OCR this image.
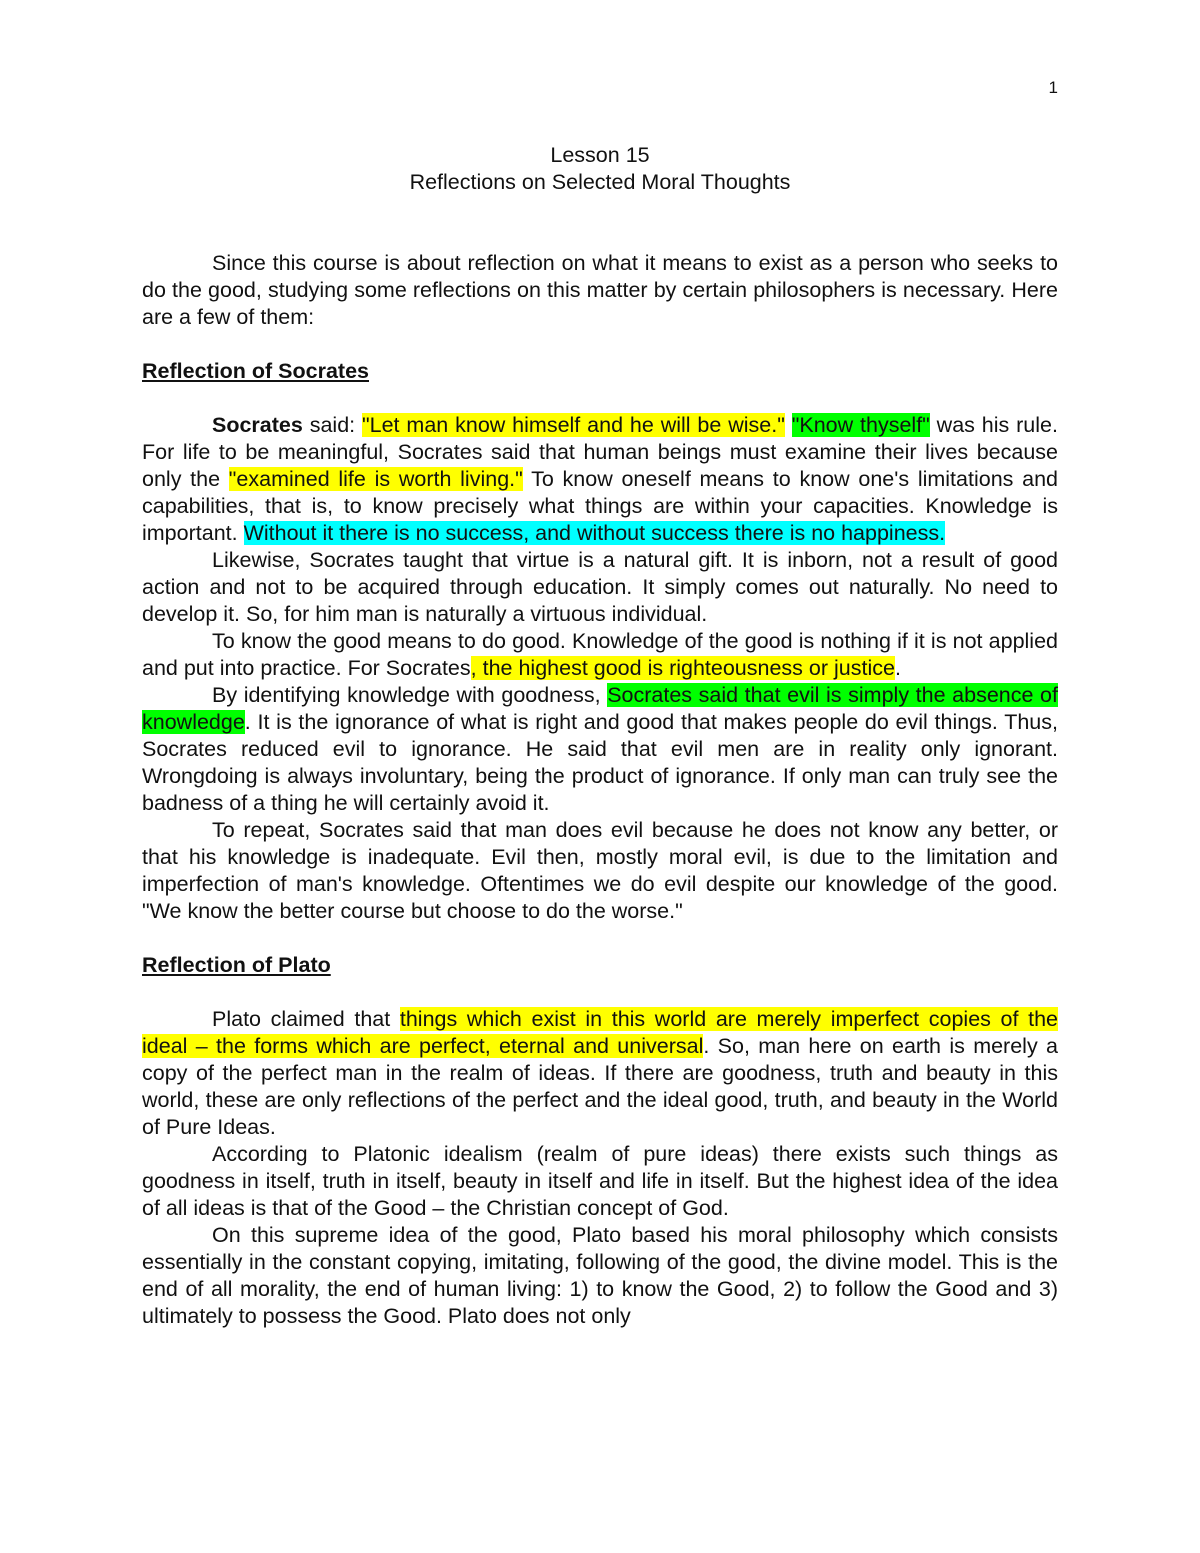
1
Lesson 15
Reflections on Selected Moral Thoughts

Since this course is about reflection on what it means to exist as a person who seeks to do the good, studying some reflections on this matter by certain philosophers is necessary. Here are a few of them:

Reflection of Socrates

Socrates said: "Let man know himself and he will be wise." "Know thyself" was his rule. For life to be meaningful, Socrates said that human beings must examine their lives because only the "examined life is worth living." To know oneself means to know one's limitations and capabilities, that is, to know precisely what things are within your capacities. Knowledge is important. Without it there is no success, and without success there is no happiness.

Likewise, Socrates taught that virtue is a natural gift. It is inborn, not a result of good action and not to be acquired through education. It simply comes out naturally. No need to develop it. So, for him man is naturally a virtuous individual.

To know the good means to do good. Knowledge of the good is nothing if it is not applied and put into practice. For Socrates, the highest good is righteousness or justice.

By identifying knowledge with goodness, Socrates said that evil is simply the absence of knowledge. It is the ignorance of what is right and good that makes people do evil things. Thus, Socrates reduced evil to ignorance. He said that evil men are in reality only ignorant. Wrongdoing is always involuntary, being the product of ignorance. If only man can truly see the badness of a thing he will certainly avoid it.

To repeat, Socrates said that man does evil because he does not know any better, or that his knowledge is inadequate. Evil then, mostly moral evil, is due to the limitation and imperfection of man's knowledge. Oftentimes we do evil despite our knowledge of the good. "We know the better course but choose to do the worse."

Reflection of Plato

Plato claimed that things which exist in this world are merely imperfect copies of the ideal – the forms which are perfect, eternal and universal. So, man here on earth is merely a copy of the perfect man in the realm of ideas. If there are goodness, truth and beauty in this world, these are only reflections of the perfect and the ideal good, truth, and beauty in the World of Pure Ideas.

According to Platonic idealism (realm of pure ideas) there exists such things as goodness in itself, truth in itself, beauty in itself and life in itself. But the highest idea of the idea of all ideas is that of the Good – the Christian concept of God.

On this supreme idea of the good, Plato based his moral philosophy which consists essentially in the constant copying, imitating, following of the good, the divine model. This is the end of all morality, the end of human living: 1) to know the Good, 2) to follow the Good and 3) ultimately to possess the Good. Plato does not only
